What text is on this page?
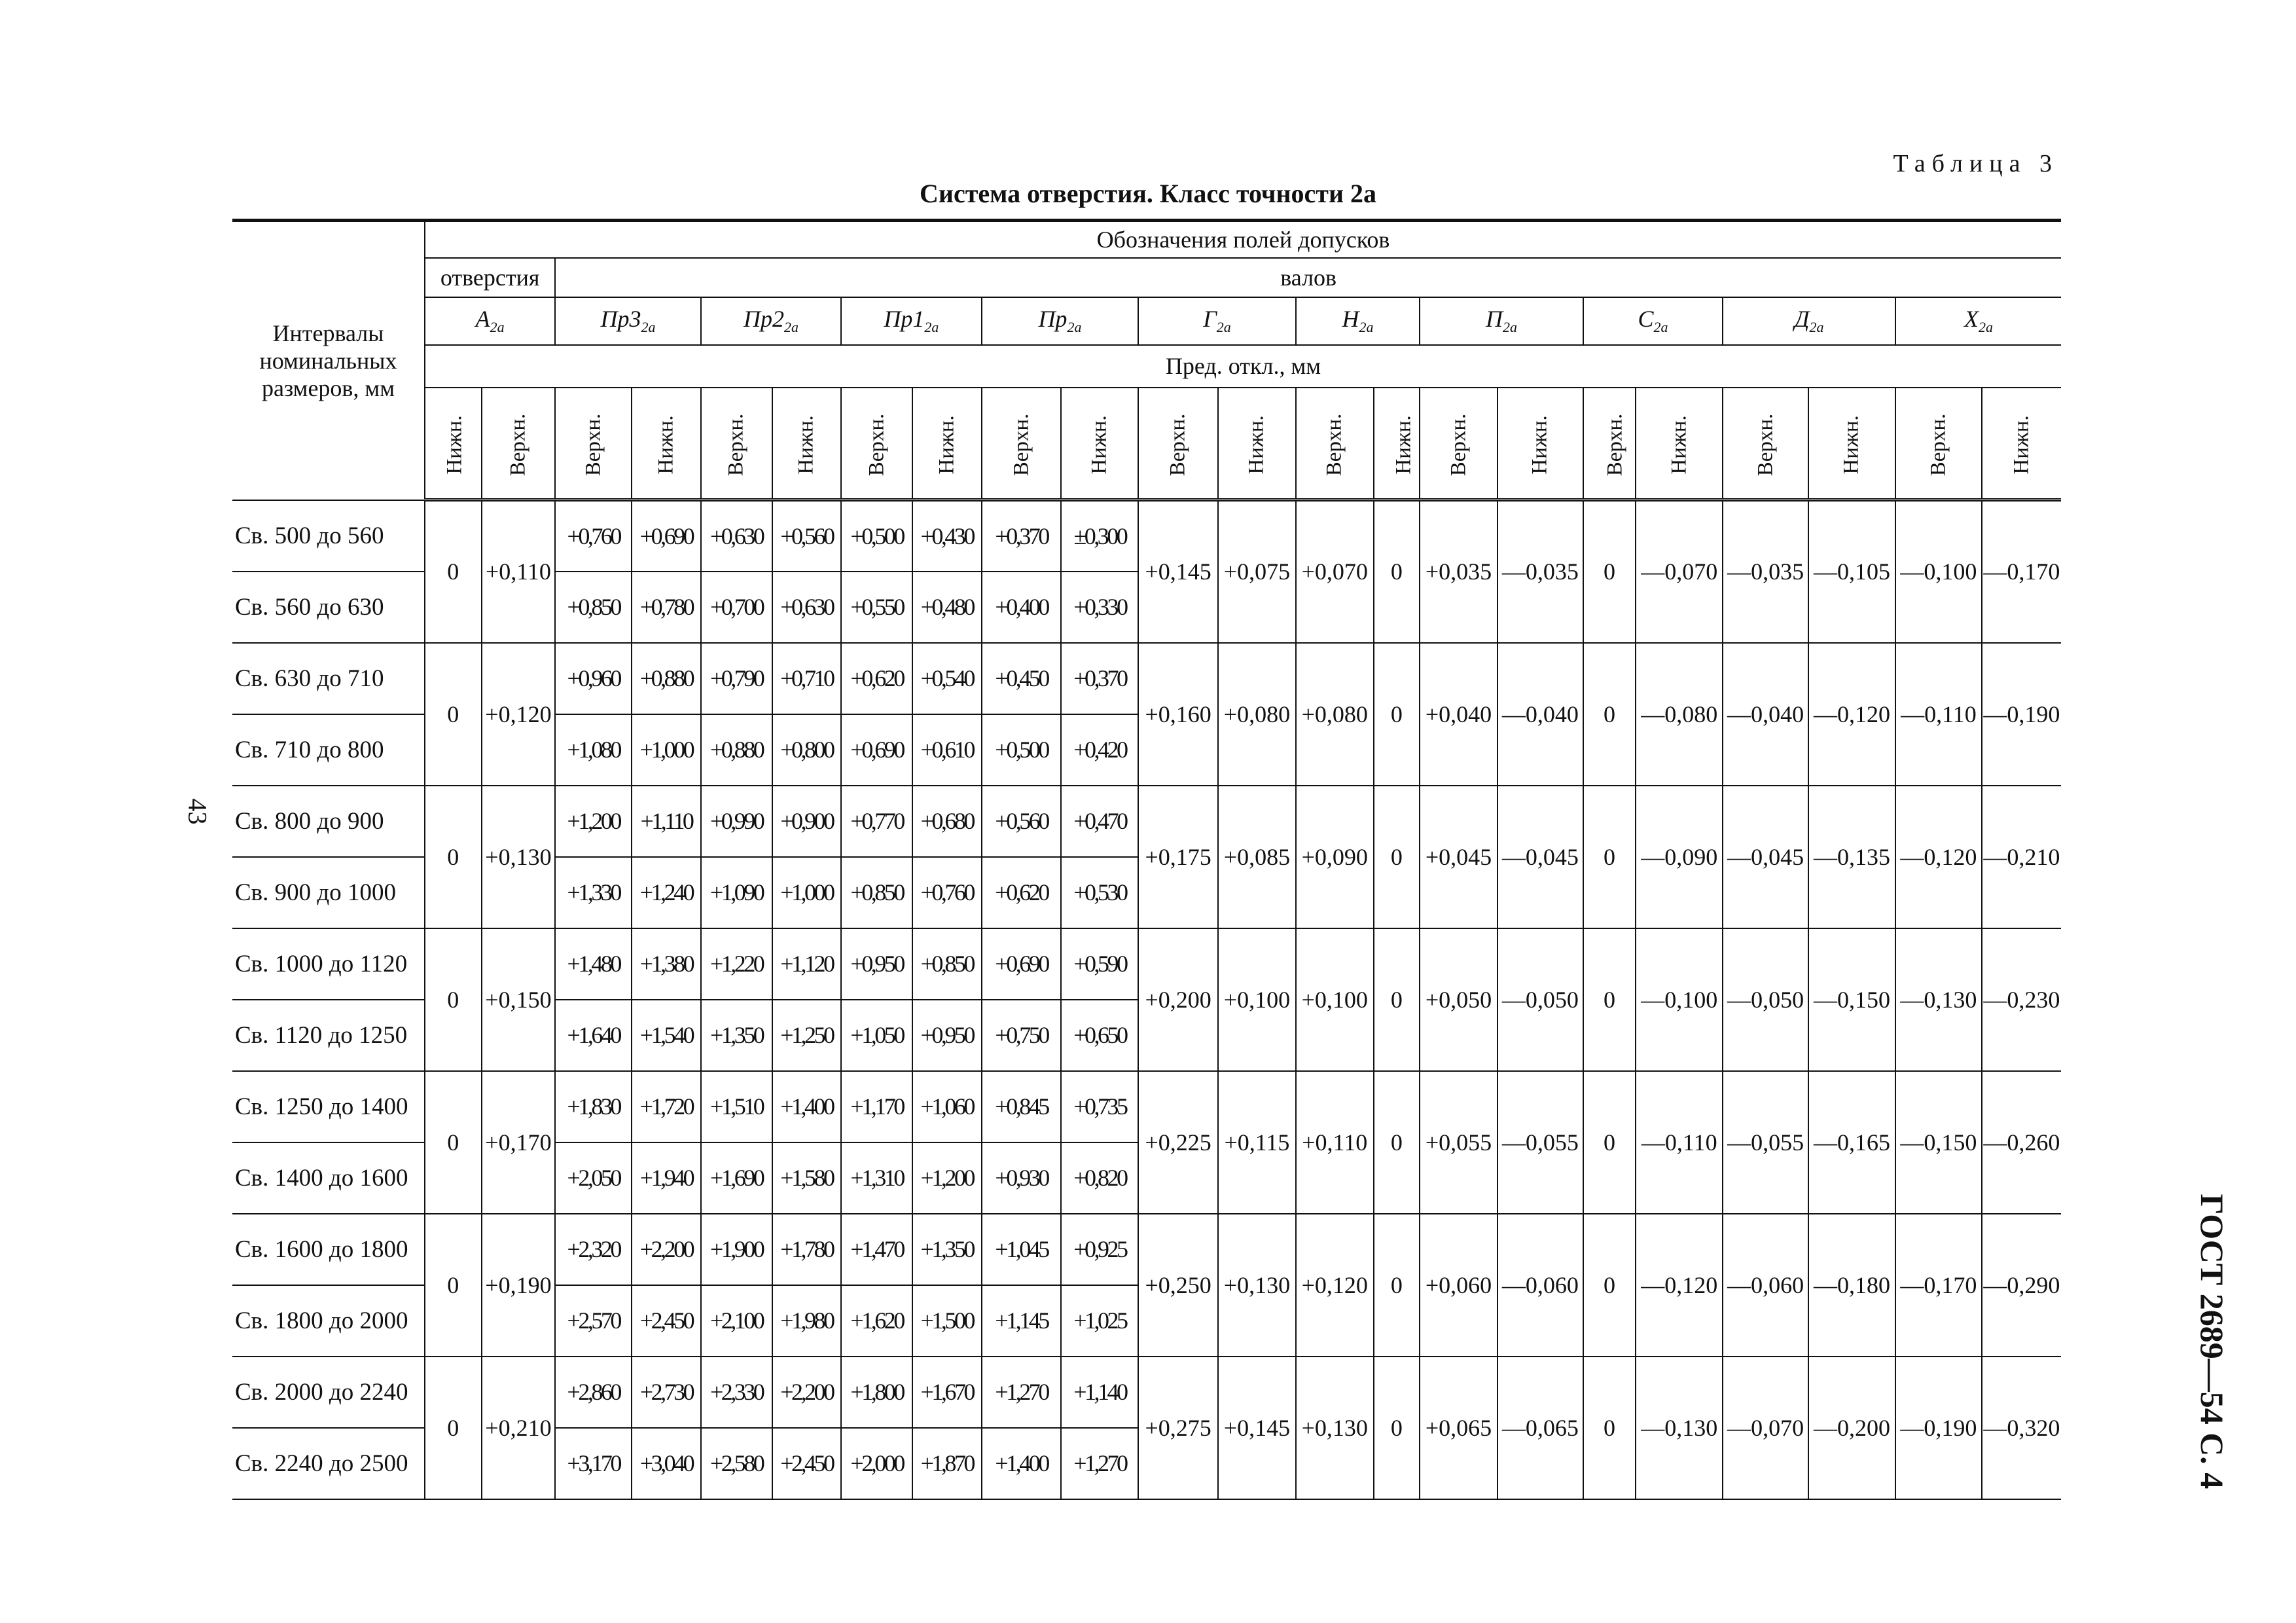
Таблица 3
Система отверстия. Класс точности 2а
43
ГОСТ 2689—54 С. 4
Интервалы номинальных размеров, мм	Обозначения полей допусков																					
	отверстия		валов																			
	$А_{2а}$		$Пр3_{2а}$		$Пр2_{2а}$		$Пр1_{2а}$		$Пр_{2а}$		$Г_{2а}$		$Н_{2а}$		$П_{2а}$		$С_{2а}$		$Д_{2а}$		$Х_{2а}$
	Пред. откл., мм																					
	Нижн.	Верхн.	Верхн.	Нижн.	Верхн.	Нижн.	Верхн.	Нижн.	Верхн.	Нижн.	Верхн.	Нижн.	Верхн.	Нижн.	Верхн.	Нижн.	Верхн.	Нижн.	Верхн.	Нижн.	Верхн.	Нижн.
Св. 500 до 560	0	+0,110	+0,760	+0,690	+0,630	+0,560	+0,500	+0,430	+0,370	±0,300	+0,145	+0,075	+0,070	0	+0,035	—0,035	0	—0,070	—0,035	—0,105	—0,100	—0,170
Св. 560 до 630			+0,850	+0,780	+0,700	+0,630	+0,550	+0,480	+0,400	+0,330												
Св. 630 до 710	0	+0,120	+0,960	+0,880	+0,790	+0,710	+0,620	+0,540	+0,450	+0,370	+0,160	+0,080	+0,080	0	+0,040	—0,040	0	—0,080	—0,040	—0,120	—0,110	—0,190
Св. 710 до 800			+1,080	+1,000	+0,880	+0,800	+0,690	+0,610	+0,500	+0,420												
Св. 800 до 900	0	+0,130	+1,200	+1,110	+0,990	+0,900	+0,770	+0,680	+0,560	+0,470	+0,175	+0,085	+0,090	0	+0,045	—0,045	0	—0,090	—0,045	—0,135	—0,120	—0,210
Св. 900 до 1000			+1,330	+1,240	+1,090	+1,000	+0,850	+0,760	+0,620	+0,530												
Св. 1000 до 1120	0	+0,150	+1,480	+1,380	+1,220	+1,120	+0,950	+0,850	+0,690	+0,590	+0,200	+0,100	+0,100	0	+0,050	—0,050	0	—0,100	—0,050	—0,150	—0,130	—0,230
Св. 1120 до 1250			+1,640	+1,540	+1,350	+1,250	+1,050	+0,950	+0,750	+0,650												
Св. 1250 до 1400	0	+0,170	+1,830	+1,720	+1,510	+1,400	+1,170	+1,060	+0,845	+0,735	+0,225	+0,115	+0,110	0	+0,055	—0,055	0	—0,110	—0,055	—0,165	—0,150	—0,260
Св. 1400 до 1600			+2,050	+1,940	+1,690	+1,580	+1,310	+1,200	+0,930	+0,820												
Св. 1600 до 1800	0	+0,190	+2,320	+2,200	+1,900	+1,780	+1,470	+1,350	+1,045	+0,925	+0,250	+0,130	+0,120	0	+0,060	—0,060	0	—0,120	—0,060	—0,180	—0,170	—0,290
Св. 1800 до 2000			+2,570	+2,450	+2,100	+1,980	+1,620	+1,500	+1,145	+1,025												
Св. 2000 до 2240	0	+0,210	+2,860	+2,730	+2,330	+2,200	+1,800	+1,670	+1,270	+1,140	+0,275	+0,145	+0,130	0	+0,065	—0,065	0	—0,130	—0,070	—0,200	—0,190	—0,320
Св. 2240 до 2500			+3,170	+3,040	+2,580	+2,450	+2,000	+1,870	+1,400	+1,270												
